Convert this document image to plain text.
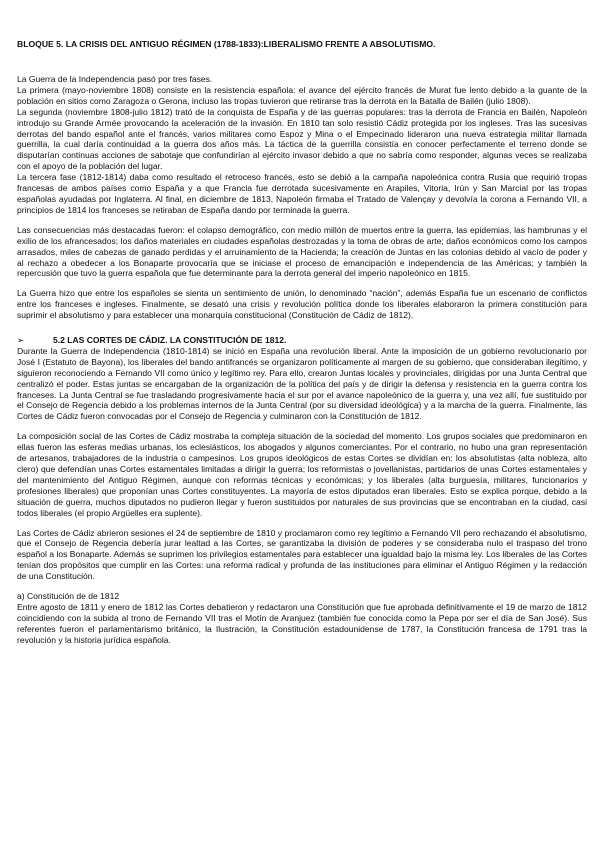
BLOQUE 5. LA CRISIS DEL ANTIGUO RÉGIMEN (1788-1833):LIBERALISMO FRENTE A ABSOLUTISMO.

La Guerra de la Independencia pasó por tres fases.

La primera (mayo-noviembre 1808) consiste en la resistencia española: el avance del ejército francés de Murat fue lento debido a la guante de la población en sitios como Zaragoza o Gerona, incluso las tropas tuvieron que retirarse tras la derrota en la Batalla de Bailén (julio 1808).

La segunda (noviembre 1808-julio 1812) trató de la conquista de España y de las guerras populares: tras la derrota de Francia en Bailén, Napoleón introdujo su Grande Armée provocando la aceleración de la invasión. En 1810 tan solo resistió Cádiz protegida por los ingleses. Tras las sucesivas derrotas del bando español ante el francés, varios militares como Espoz y Mina o el Empecinado lideraron una nueva estrategia militar llamada guerrilla, la cual daría continuidad a la guerra dos años más. La táctica de la guerrilla consistía en conocer perfectamente el terreno donde se disputarían continuas acciones de sabotaje que confundirían al ejército invasor debido a que no sabría como responder, algunas veces se realizaba con el apoyo de la población del lugar.

La tercera fase (1812-1814) daba como resultado el retroceso francés, esto se debió a la campaña napoleónica contra Rusia que requirió tropas francesas de ambos países como España y a que Francia fue derrotada sucesivamente en Arapiles, Vitoria, Irún y San Marcial por las tropas españolas ayudadas por Inglaterra. Al final, en diciembre de 1813, Napoleón firmaba el Tratado de Valençay y devolvía la corona a Fernando VII, a principios de 1814 los franceses se retiraban de España dando por terminada la guerra.

Las consecuencias más destacadas fueron: el colapso demográfico, con medio millón de muertos entre la guerra, las epidemias, las hambrunas y el exilio de los afrancesados; los daños materiales en ciudades españolas destrozadas y la toma de obras de arte; daños económicos como los campos arrasados, miles de cabezas de ganado perdidas y el arruinamiento de la Hacienda; la creación de Juntas en las colonias debido al vacío de poder y al rechazo a obedecer a los Bonaparte provocaría que se iniciase el proceso de emancipación e independencia de las Américas; y también la repercusión que tuvo la guerra española que fue determinante para la derrota general del imperio napoleónico en 1815.

La Guerra hizo que entre los españoles se sienta un sentimiento de unión, lo denominado “nación”, además España fue un escenario de conflictos entre los franceses e ingleses. Finalmente, se desató una crisis y revolución política donde los liberales elaboraron la primera constitución para suprimir el absolutismo y para establecer una monarquía constitucional (Constitución de Cádiz de 1812).

➢	5.2 LAS CORTES DE CÁDIZ. LA CONSTITUCIÓN DE 1812.

Durante la Guerra de Independencia (1810-1814) se inició en España una revolución liberal. Ante la imposición de un gobierno revolucionario por José I (Estatuto de Bayona), los liberales del bando antifrancés se organizaron políticamente al margen de su gobierno, que consideraban ilegítimo, y siguieron reconociendo a Fernando VII como único y legítimo rey. Para ello, crearon Juntas locales y provinciales, dirigidas por una Junta Central que centralizó el poder. Estas juntas se encargaban de la organización de la política del país y de dirigir la defensa y resistencia en la guerra contra los franceses. La Junta Central se fue trasladando progresivamente hacia el sur por el avance napoleónico de la guerra y, una vez allí, fue sustituido por el Consejo de Regencia debido a los problemas internos de la Junta Central (por su diversidad ideológica) y a la marcha de la guerra. Finalmente, las Cortes de Cádiz fueron convocadas por el Consejo de Regencia y culminaron con la Constitución de 1812.

La composición social de las Cortes de Cádiz mostraba la compleja situación de la sociedad del momento. Los grupos sociales que predominaron en ellas fueron las esferas medias urbanas, los eclesiásticos, los abogados y algunos comerciantes. Por el contrario, no hubo una gran representación de artesanos, trabajadores de la industria o campesinos. Los grupos ideológicos de estas Cortes se dividían en: los absolutistas (alta nobleza, alto clero) que defendían unas Cortes estamentales limitadas a dirigir la guerra; los reformistas o jovellanistas, partidarios de unas Cortes estamentales y del mantenimiento del Antiguo Régimen, aunque con reformas técnicas y económicas; y los liberales (alta burguesía, militares, funcionarios y profesiones liberales) que proponían unas Cortes constituyentes. La mayoría de estos diputados eran liberales. Esto se explica porque, debido a la situación de guerra, muchos diputados no pudieron llegar y fueron sustituidos por naturales de sus provincias que se encontraban en la ciudad, casi todos liberales (el propio Argüelles era suplente).

Las Cortes de Cádiz abrieron sesiones el 24 de septiembre de 1810 y proclamaron como rey legítimo a Fernando VII pero rechazando el absolutismo, que el Consejo de Regencia debería jurar lealtad a las Cortes, se garantizaba la división de poderes y se consideraba nulo el traspaso del trono español a los Bonaparte. Además se suprimen los privilegios estamentales para establecer una igualdad bajo la misma ley. Los liberales de las Cortes tenían dos propósitos que cumplir en las Cortes: una reforma radical y profunda de las instituciones para eliminar el Antiguo Régimen y la redacción de una Constitución.

a) Constitución de de 1812

Entre agosto de 1811 y enero de 1812 las Cortes debatieron y redactaron una Constitución que fue aprobada definitivamente el 19 de marzo de 1812 coincidiendo con la subida al trono de Fernando VII tras el Motín de Aranjuez (también fue conocida como la Pepa por ser el día de San José). Sus referentes fueron el parlamentarismo británico, la Ilustración, la Constitución estadounidense de 1787, la Constitución francesa de 1791 tras la revolución y la historia jurídica española.
